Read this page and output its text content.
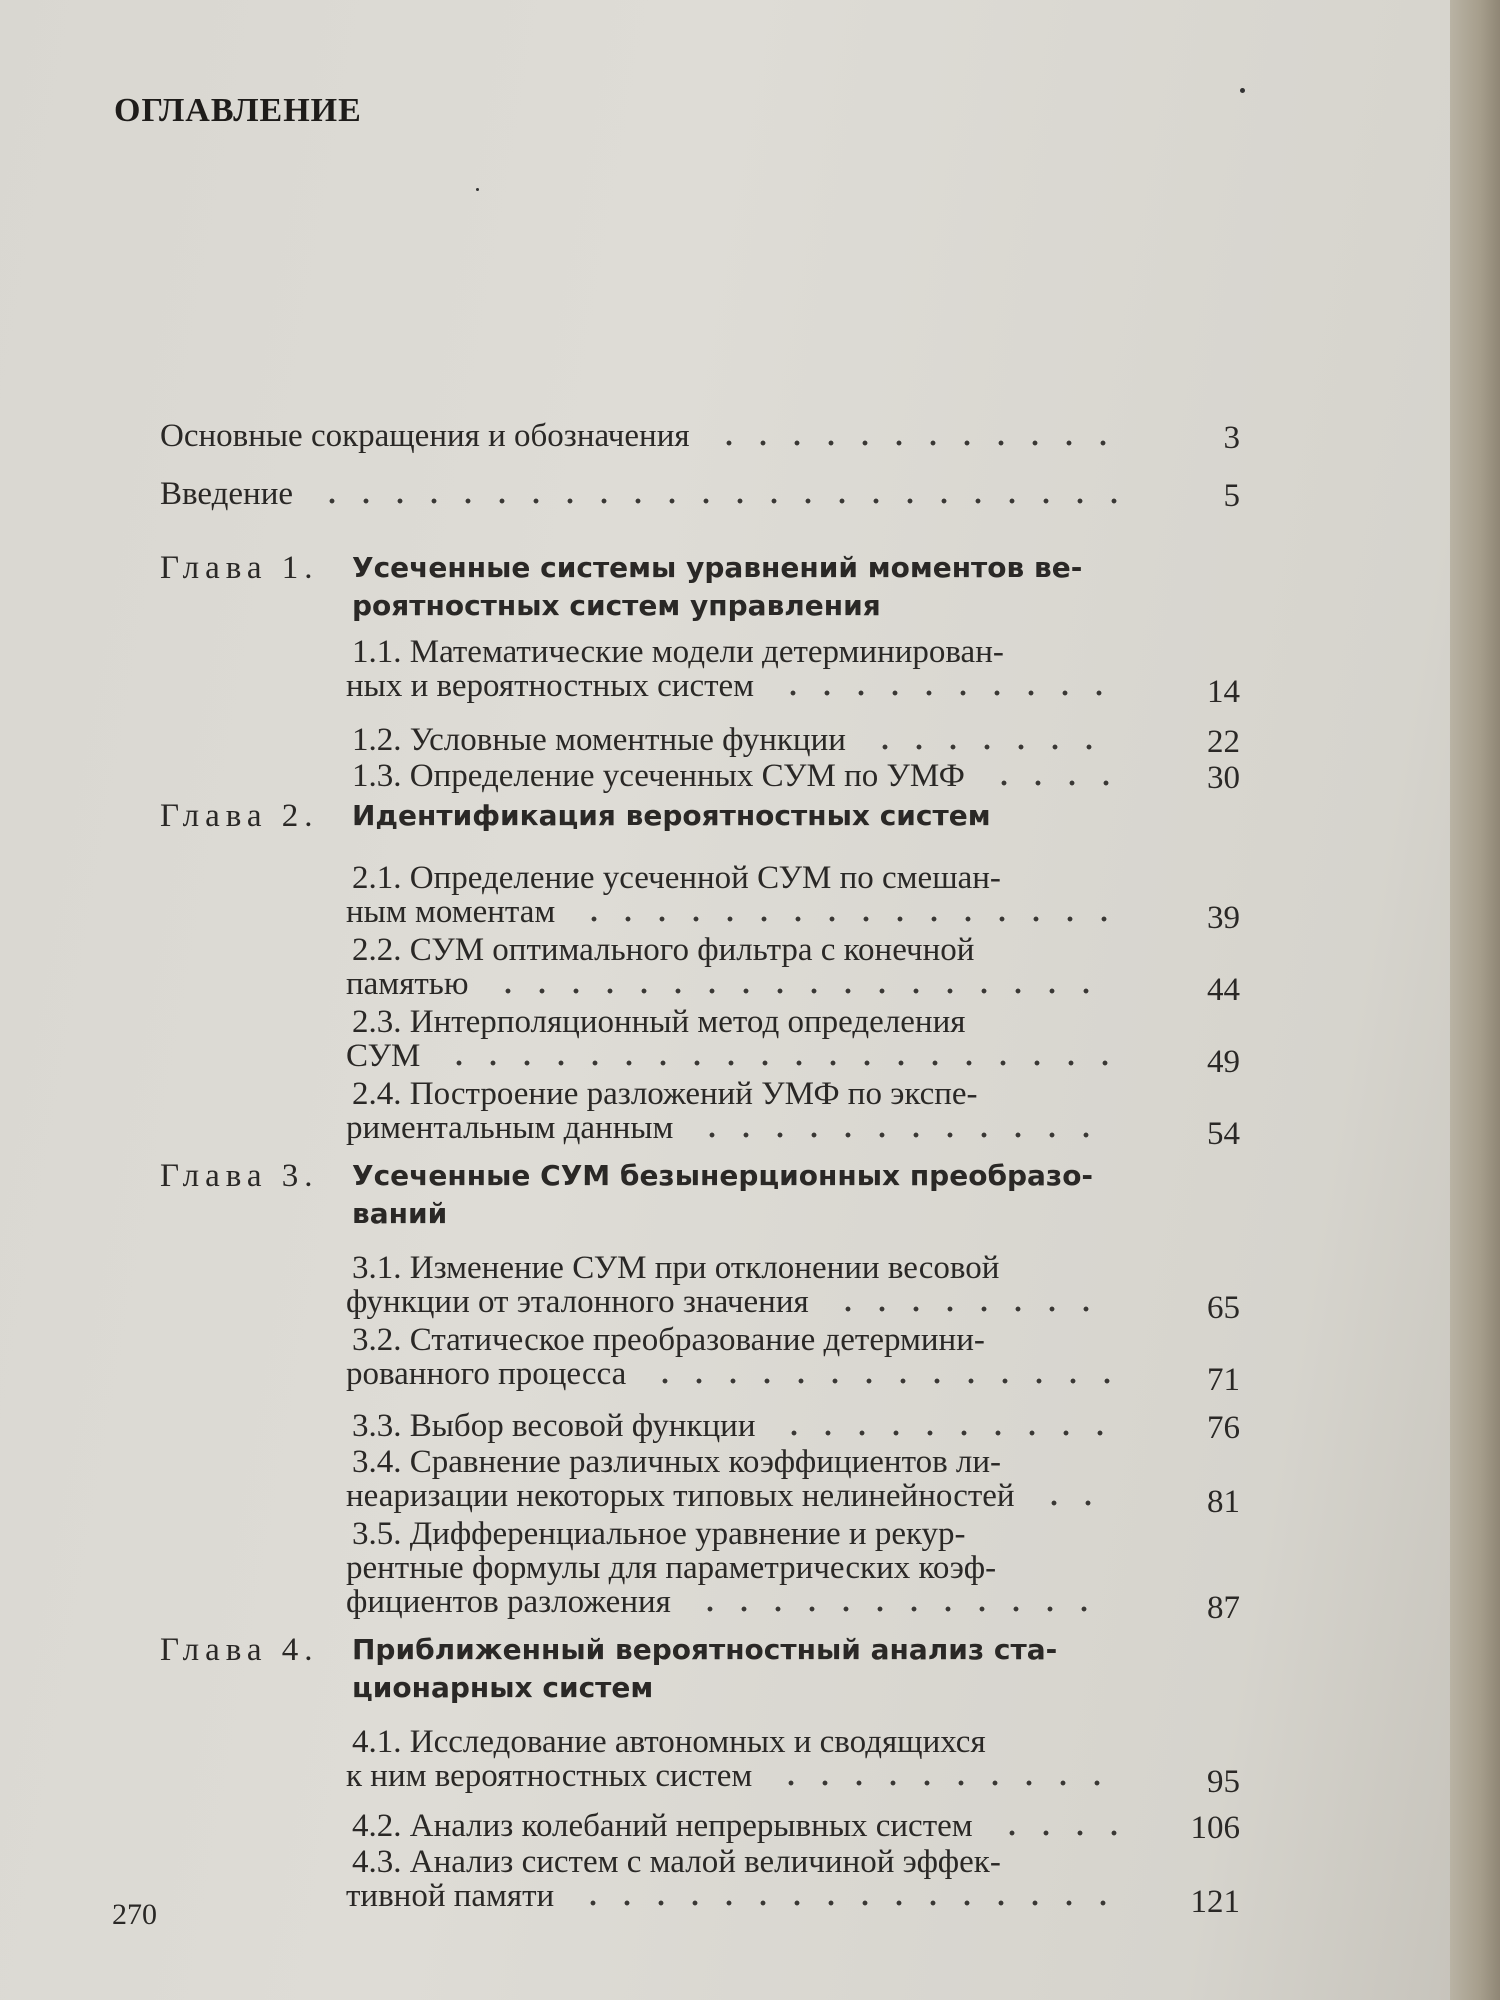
ОГЛАВЛЕНИЕ
Основные сокращения и обозначения	3
Введение	5
Глава 1. Усеченные системы уравнений моментов ве-
роятностных систем управления
1.1. Математические модели детерминирован-
ных и вероятностных систем	14
1.2. Условные моментные функции	22
1.3. Определение усеченных СУМ по УМФ	30
Глава 2. Идентификация вероятностных систем
2.1. Определение усеченной СУМ по смешан-
ным моментам	39
2.2. СУМ оптимального фильтра с конечной
памятью	44
2.3. Интерполяционный метод определения
СУМ	49
2.4. Построение разложений УМФ по экспе-
риментальным данным	54
Глава 3. Усеченные СУМ безынерционных преобразо-
ваний
3.1. Изменение СУМ при отклонении весовой
функции от эталонного значения	65
3.2. Статическое преобразование детермини-
рованного процесса	71
3.3. Выбор весовой функции	76
3.4. Сравнение различных коэффициентов ли-
неаризации некоторых типовых нелинейностей	81
3.5. Дифференциальное уравнение и рекур-
рентные формулы для параметрических коэф-
фициентов разложения	87
Глава 4. Приближенный вероятностный анализ ста-
ционарных систем
4.1. Исследование автономных и сводящихся
к ним вероятностных систем	95
4.2. Анализ колебаний непрерывных систем	106
4.3. Анализ систем с малой величиной эффек-
тивной памяти	121
270
